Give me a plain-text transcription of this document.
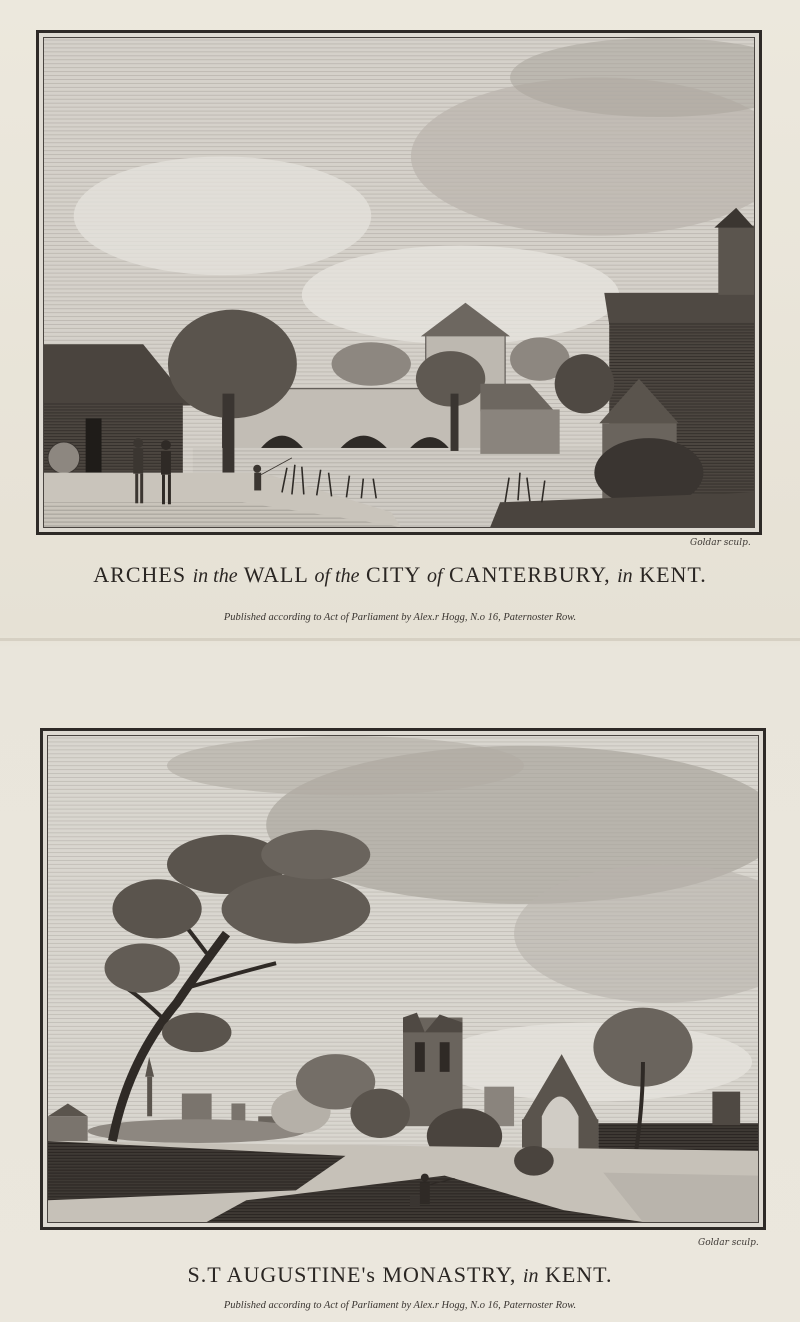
Goldar sculp.
ARCHES in the WALL of the CITY of CANTERBURY, in KENT.
Published according to Act of Parliament by Alex.r Hogg, N.o 16, Paternoster Row.
Goldar sculp.
S.T AUGUSTINE's MONASTRY, in KENT.
Published according to Act of Parliament by Alex.r Hogg, N.o 16, Paternoster Row.
